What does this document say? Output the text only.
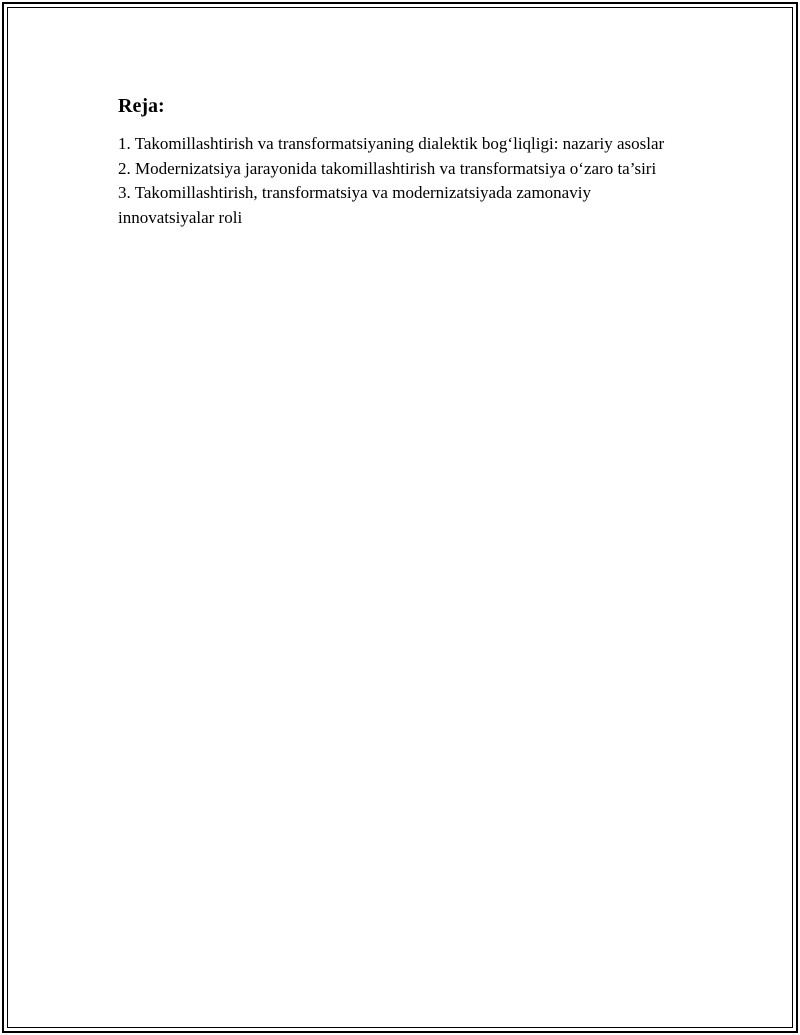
Reja:

1. Takomillashtirish va transformatsiyaning dialektik bog‘liqligi: nazariy asoslar

2. Modernizatsiya jarayonida takomillashtirish va transformatsiya o‘zaro ta’siri

3. Takomillashtirish, transformatsiya va modernizatsiyada zamonaviy innovatsiyalar roli
